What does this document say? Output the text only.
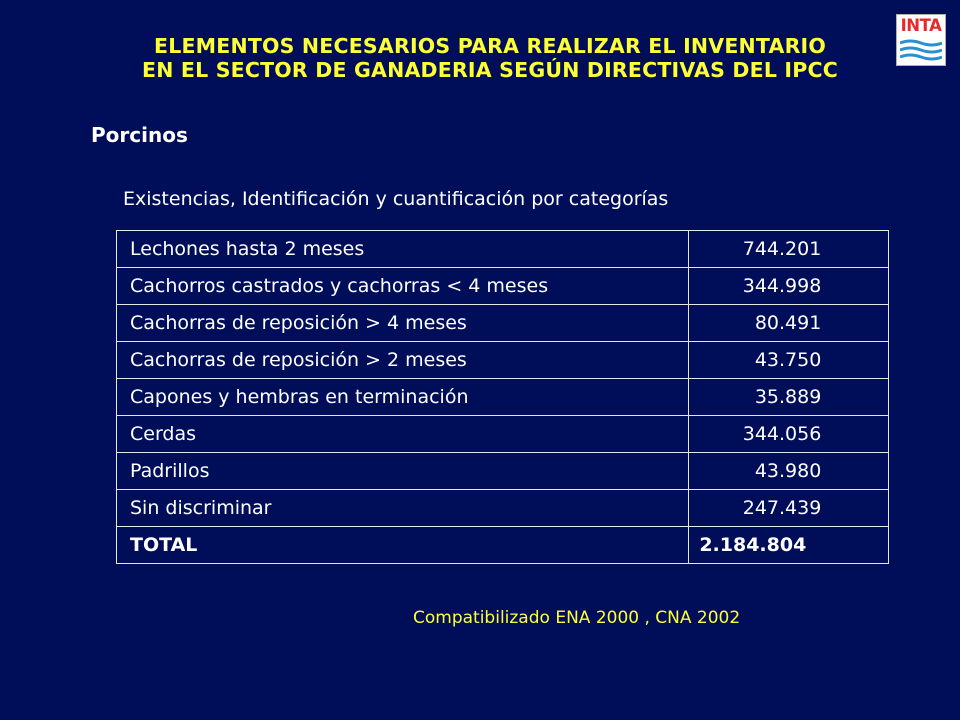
ELEMENTOS NECESARIOS PARA REALIZAR EL INVENTARIO
EN EL SECTOR DE GANADERIA SEGÚN DIRECTIVAS DEL IPCC
INTA
Porcinos
Existencias, Identificación y cuantificación por categorías
Lechones hasta 2 meses	744.201
Cachorros castrados y cachorras < 4 meses	344.998
Cachorras de reposición > 4 meses	80.491
Cachorras de reposición > 2 meses	43.750
Capones y hembras en terminación	35.889
Cerdas	344.056
Padrillos	43.980
Sin discriminar	247.439
TOTAL	2.184.804
Compatibilizado ENA 2000 , CNA 2002
